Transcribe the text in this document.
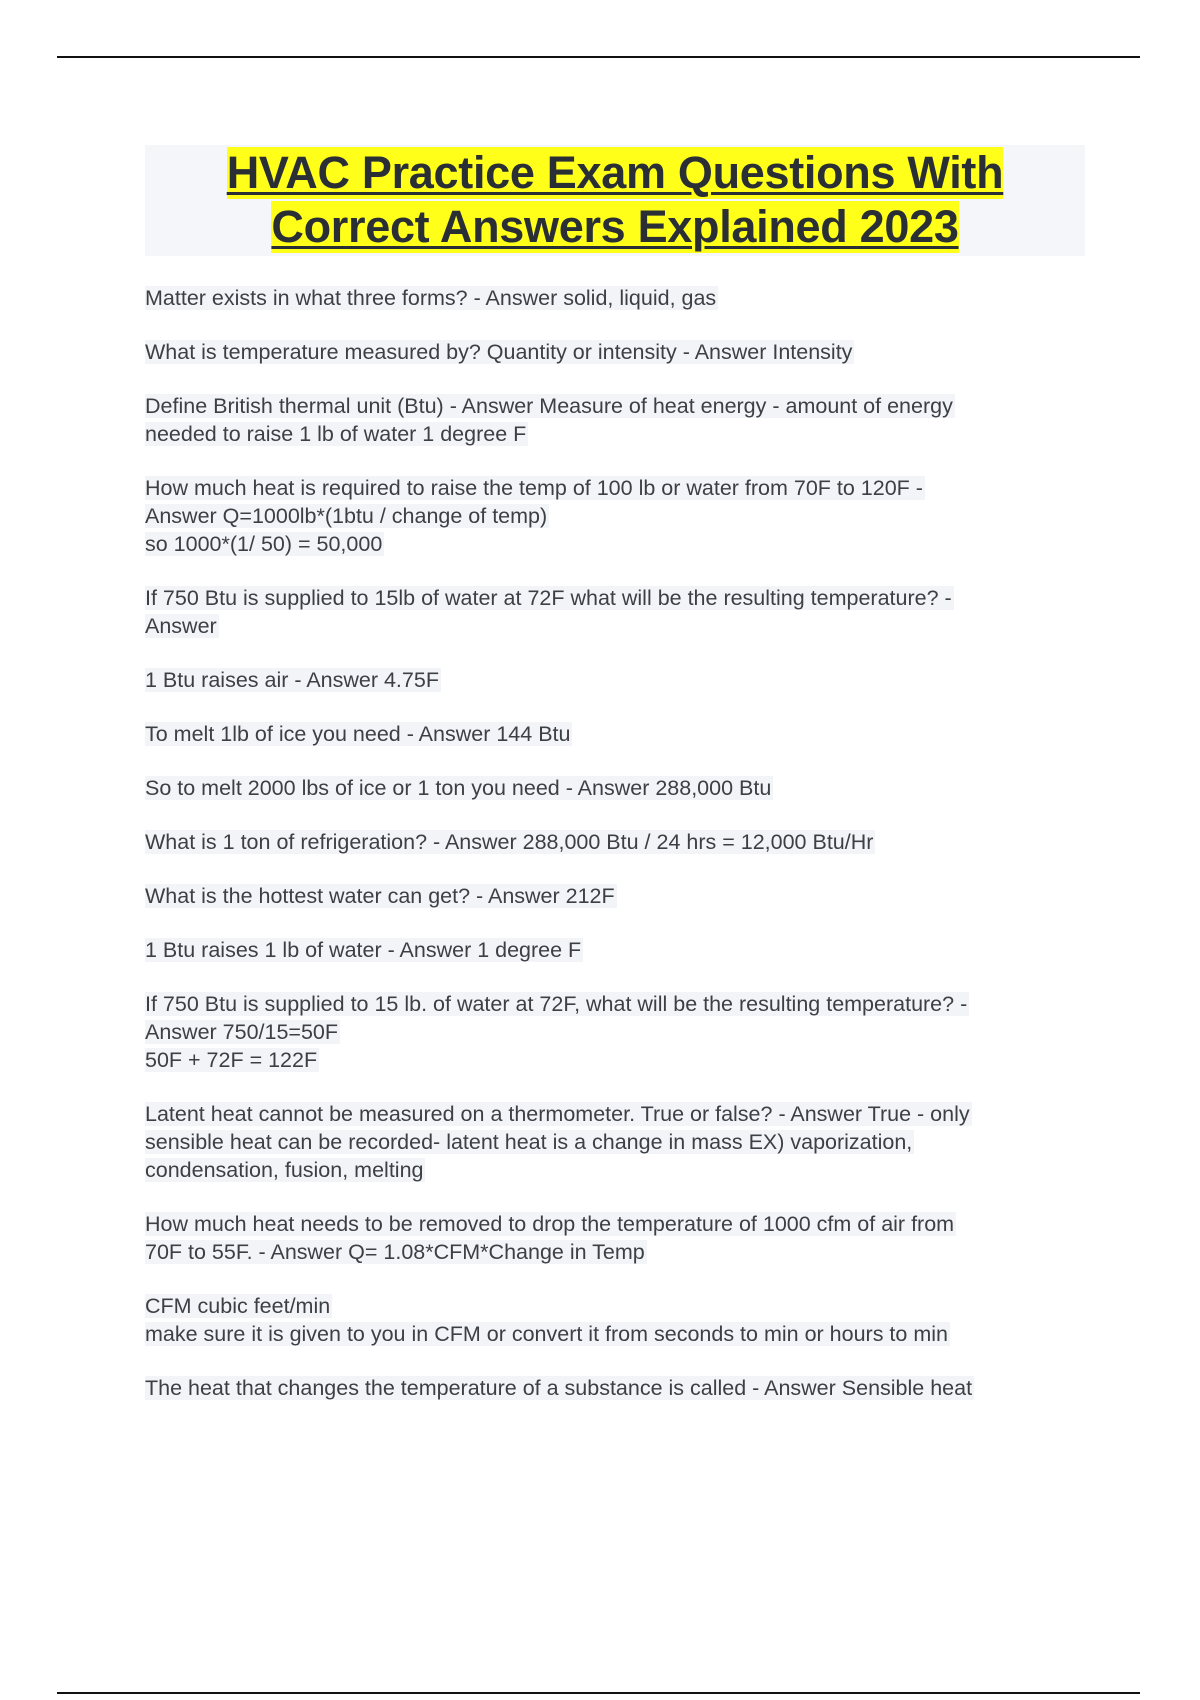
HVAC Practice Exam Questions With
Correct Answers Explained 2023
Matter exists in what three forms? - Answer solid, liquid, gas
What is temperature measured by? Quantity or intensity - Answer Intensity
Define British thermal unit (Btu) - Answer Measure of heat energy - amount of energy
needed to raise 1 lb of water 1 degree F
How much heat is required to raise the temp of 100 lb or water from 70F to 120F -
Answer Q=1000lb*(1btu / change of temp)
so 1000*(1/ 50) = 50,000
If 750 Btu is supplied to 15lb of water at 72F what will be the resulting temperature? -
Answer
1 Btu raises air - Answer 4.75F
To melt 1lb of ice you need - Answer 144 Btu
So to melt 2000 lbs of ice or 1 ton you need - Answer 288,000 Btu
What is 1 ton of refrigeration? - Answer 288,000 Btu / 24 hrs = 12,000 Btu/Hr
What is the hottest water can get? - Answer 212F
1 Btu raises 1 lb of water - Answer 1 degree F
If 750 Btu is supplied to 15 lb. of water at 72F, what will be the resulting temperature? -
Answer 750/15=50F
50F + 72F = 122F
Latent heat cannot be measured on a thermometer. True or false? - Answer True - only
sensible heat can be recorded- latent heat is a change in mass EX) vaporization,
condensation, fusion, melting
How much heat needs to be removed to drop the temperature of 1000 cfm of air from
70F to 55F. - Answer Q= 1.08*CFM*Change in Temp
CFM cubic feet/min
make sure it is given to you in CFM or convert it from seconds to min or hours to min
The heat that changes the temperature of a substance is called - Answer Sensible heat
